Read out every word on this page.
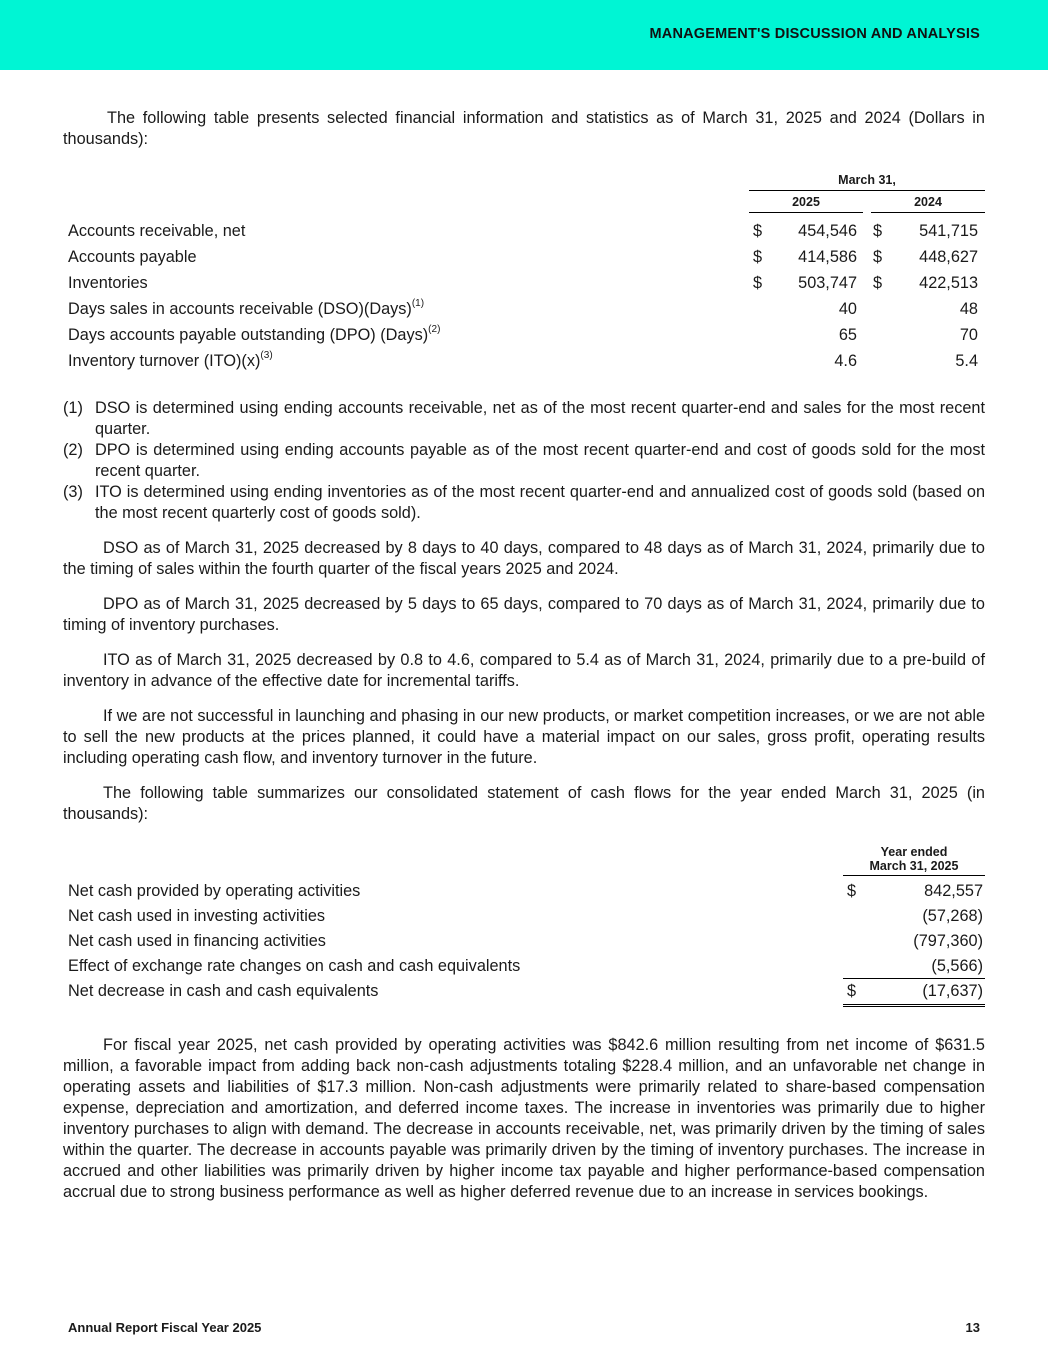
MANAGEMENT'S DISCUSSION AND ANALYSIS

The following table presents selected financial information and statistics as of March 31, 2025 and 2024 (Dollars in thousands):

March 31,
2025	2024
Accounts receivable, net	$ 454,546 $ 541,715
Accounts payable	$ 414,586 $ 448,627
Inventories	$ 503,747 $ 422,513
Days sales in accounts receivable (DSO)(Days)$^{(1)}$	40	48
Days accounts payable outstanding (DPO) (Days)$^{(2)}$	65	70
Inventory turnover $(ITO)(x)^{(3)}$	4.6	5.4
(1) DSO is determined using ending accounts receivable, net as of the most recent quarter-end and sales for the most recent quarter.
(2) DPO is determined using ending accounts payable as of the most recent quarter-end and cost of goods sold for the most recent quarter.
(3) ITO is determined using ending inventories as of the most recent quarter-end and annualized cost of goods sold (based on the most recent quarterly cost of goods sold).

DSO as of March 31, 2025 decreased by 8 days to 40 days, compared to 48 days as of March 31, 2024, primarily due to the timing of sales within the fourth quarter of the fiscal years 2025 and 2024.

DPO as of March 31, 2025 decreased by 5 days to 65 days, compared to 70 days as of March 31, 2024, primarily due to timing of inventory purchases.

ITO as of March 31, 2025 decreased by 0.8 to 4.6, compared to 5.4 as of March 31, 2024, primarily due to a pre-build of inventory in advance of the effective date for incremental tariffs.

If we are not successful in launching and phasing in our new products, or market competition increases, or we are not able to sell the new products at the prices planned, it could have a material impact on our sales, gross profit, operating results including operating cash flow, and inventory turnover in the future.

The following table summarizes our consolidated statement of cash flows for the year ended March 31, 2025 (in thousands):

Year ended
March 31, 2025
Net cash provided by operating activities	$	842,557
Net cash used in investing activities	(57,268)
Net cash used in financing activities	(797,360)
Effect of exchange rate changes on cash and cash equivalents	(5,566)
Net decrease in cash and cash equivalents	$	(17,637)

For fiscal year 2025, net cash provided by operating activities was $842.6 million resulting from net income of $631.5 million, a favorable impact from adding back non-cash adjustments totaling $228.4 million, and an unfavorable net change in operating assets and liabilities of $17.3 million. Non-cash adjustments were primarily related to share-based compensation expense, depreciation and amortization, and deferred income taxes. The increase in inventories was primarily due to higher inventory purchases to align with demand. The decrease in accounts receivable, net, was primarily driven by the timing of sales within the quarter. The decrease in accounts payable was primarily driven by the timing of inventory purchases. The increase in accrued and other liabilities was primarily driven by higher income tax payable and higher performance-based compensation accrual due to strong business performance as well as higher deferred revenue due to an increase in services bookings.

Annual Report Fiscal Year 2025	13
